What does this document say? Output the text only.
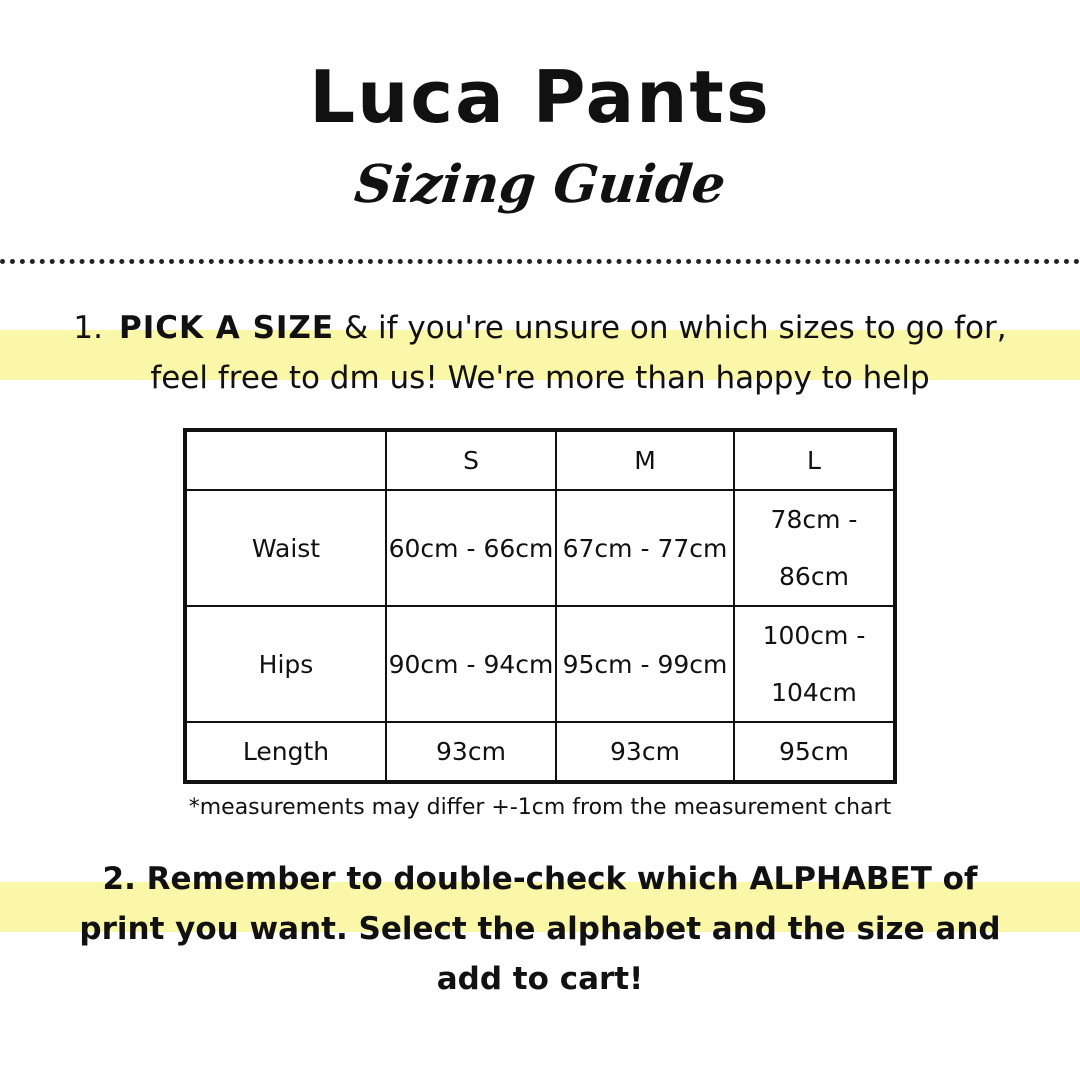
Luca Pants
Sizing Guide
1. PICK A SIZE & if you're unsure on which sizes to go for,
feel free to dm us! We're more than happy to help
	S	M	L
Waist	60cm - 66cm	67cm - 77cm	78cm - 86cm
Hips	90cm - 94cm	95cm - 99cm	100cm - 104cm
Length	93cm	93cm	95cm
*measurements may differ +-1cm from the measurement chart
2. Remember to double-check which ALPHABET of print you want. Select the alphabet and the size and add to cart!
